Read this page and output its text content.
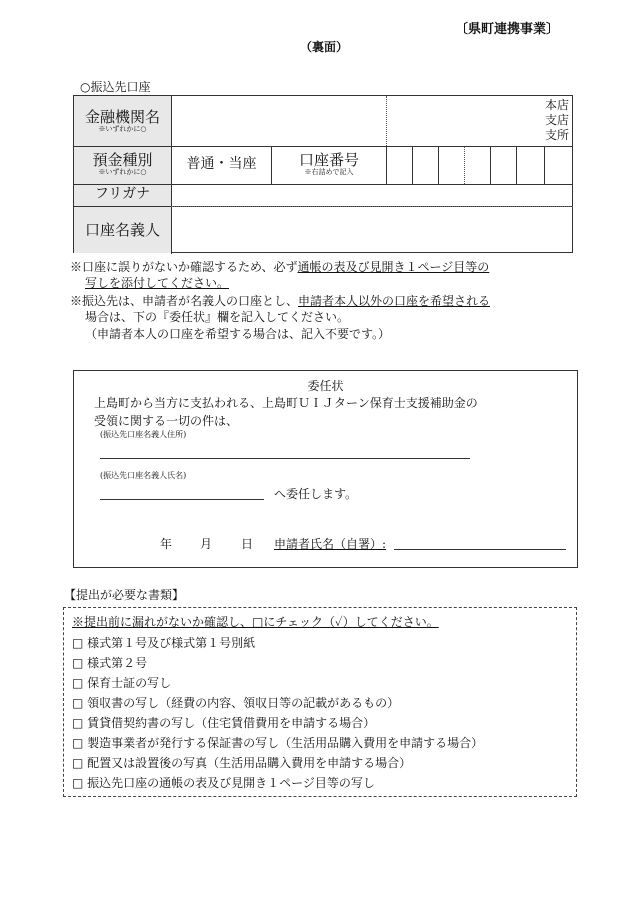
〔県町連携事業〕
（裏面）
○振込先口座
金融機関名
※いずれかに○
本店
支店
支所
預金種別
※いずれかに○	普通・当座	口座番号
※右詰めで記入
フリガナ
口座名義人
※口座に誤りがないか確認するため、必ず通帳の表及び見開き１ページ目等の
写しを添付してください。
※振込先は、申請者が名義人の口座とし、申請者本人以外の口座を希望される
場合は、下の『委任状』欄を記入してください。
（申請者本人の口座を希望する場合は、記入不要です。）
委任状
上島町から当方に支払われる、上島町ＵＩＪターン保育士支援補助金の
受領に関する一切の件は、
(振込先口座名義人住所)
(振込先口座名義人氏名)
へ委任します。
年 月 日 申請者氏名（自署）:
【提出が必要な書類】
※提出前に漏れがないか確認し、□にチェック（✓）してください。
□ 様式第１号及び様式第１号別紙
□ 様式第２号
□ 保育士証の写し
□ 領収書の写し（経費の内容、領収日等の記載があるもの）
□ 賃貸借契約書の写し（住宅賃借費用を申請する場合）
□ 製造事業者が発行する保証書の写し（生活用品購入費用を申請する場合）
□ 配置又は設置後の写真（生活用品購入費用を申請する場合）
□ 振込先口座の通帳の表及び見開き１ページ目等の写し
